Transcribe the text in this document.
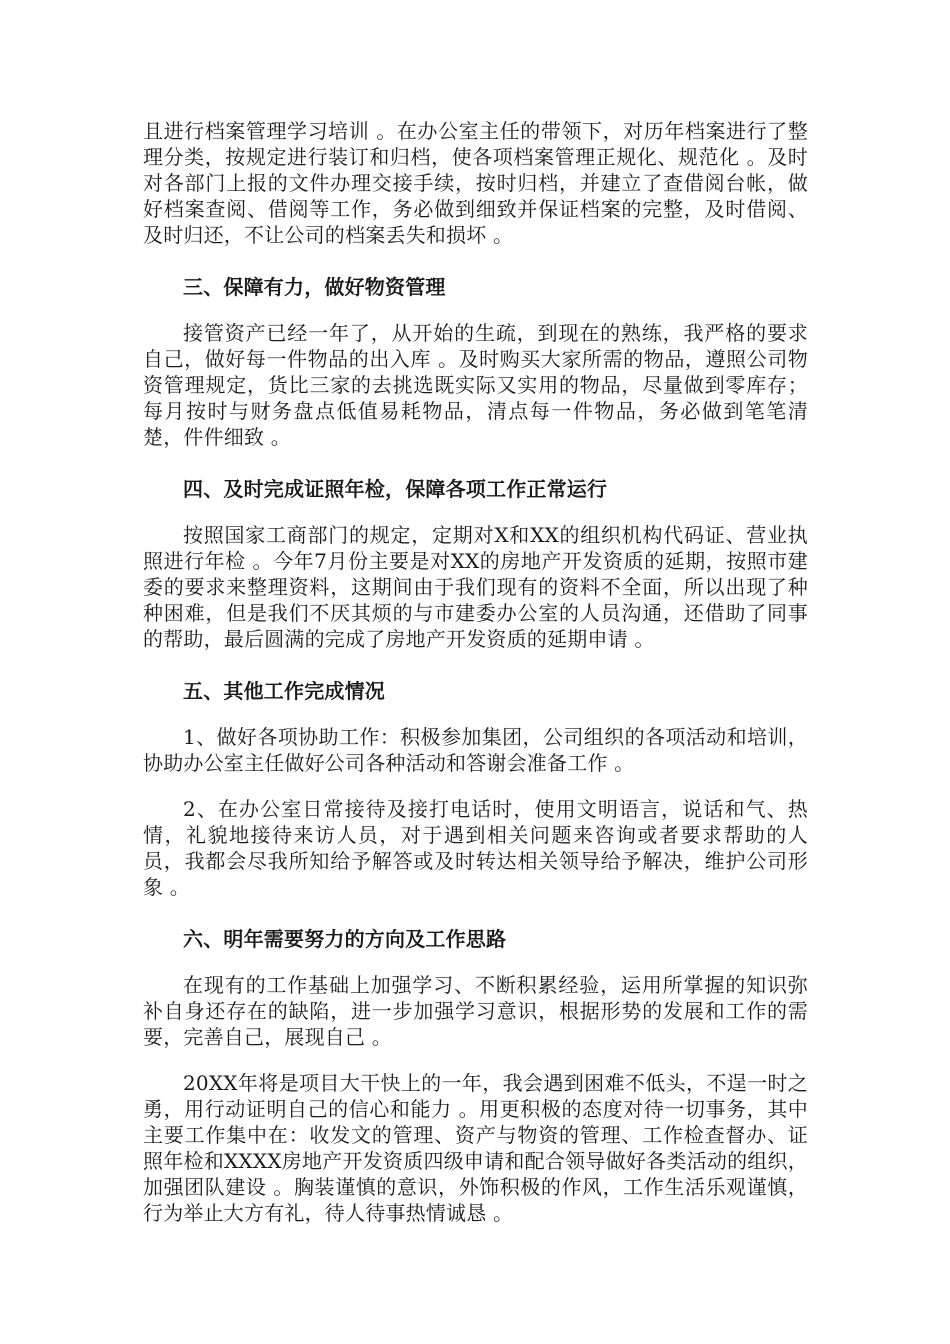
且进行档案管理学习培训 。在办公室主任的带领下，对历年档案进行了整理分类，按规定进行装订和归档，使各项档案管理正规化、规范化 。及时对各部门上报的文件办理交接手续，按时归档，并建立了查借阅台帐，做好档案查阅、借阅等工作，务必做到细致并保证档案的完整，及时借阅、及时归还，不让公司的档案丢失和损坏 。

三、保障有力，做好物资管理

接管资产已经一年了，从开始的生疏，到现在的熟练，我严格的要求自己，做好每一件物品的出入库 。及时购买大家所需的物品，遵照公司物资管理规定，货比三家的去挑选既实际又实用的物品，尽量做到零库存；每月按时与财务盘点低值易耗物品，清点每一件物品，务必做到笔笔清楚，件件细致 。

四、及时完成证照年检，保障各项工作正常运行

按照国家工商部门的规定，定期对X和XX的组织机构代码证、营业执照进行年检 。今年7月份主要是对XX的房地产开发资质的延期，按照市建委的要求来整理资料，这期间由于我们现有的资料不全面，所以出现了种种困难，但是我们不厌其烦的与市建委办公室的人员沟通，还借助了同事的帮助，最后圆满的完成了房地产开发资质的延期申请 。

五、其他工作完成情况

1、做好各项协助工作：积极参加集团，公司组织的各项活动和培训，协助办公室主任做好公司各种活动和答谢会准备工作 。

2、在办公室日常接待及接打电话时，使用文明语言，说话和气、热情，礼貌地接待来访人员，对于遇到相关问题来咨询或者要求帮助的人员，我都会尽我所知给予解答或及时转达相关领导给予解决，维护公司形象 。

六、明年需要努力的方向及工作思路

在现有的工作基础上加强学习、不断积累经验，运用所掌握的知识弥补自身还存在的缺陷，进一步加强学习意识，根据形势的发展和工作的需要，完善自己，展现自己 。

20XX年将是项目大干快上的一年，我会遇到困难不低头，不逞一时之勇，用行动证明自己的信心和能力 。用更积极的态度对待一切事务，其中主要工作集中在：收发文的管理、资产与物资的管理、工作检查督办、证照年检和XXXX房地产开发资质四级申请和配合领导做好各类活动的组织，加强团队建设 。胸装谨慎的意识，外饰积极的作风，工作生活乐观谨慎，行为举止大方有礼，待人待事热情诚恳 。
